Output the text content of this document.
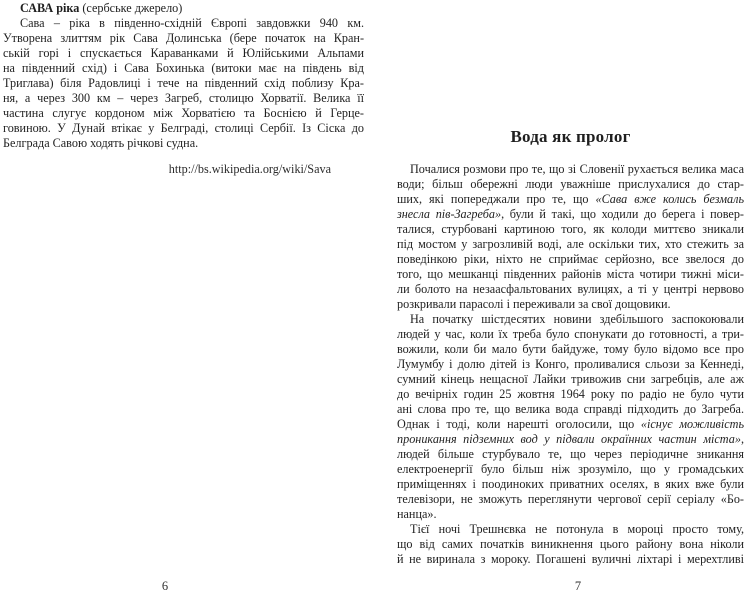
САВА ріка (сербське джерело)
Сава – ріка в південно-східній Європі завдовжки 940 км.
Утворена злиттям рік Сава Долинська (бере початок на Кран-
ській горі і спускається Караванками й Юлійськими Альпами
на південний схід) і Сава Бохинька (витоки має на південь від
Триглава) біля Радовлиці і тече на південний схід поблизу Кра-
ня, а через 300 км – через Загреб, столицю Хорватії. Велика її
частина слугує кордоном між Хорватією та Боснією й Герце-
говиною. У Дунай втікає у Белграді, столиці Сербії. Із Сіска до
Белграда Савою ходять річкові судна.
http://bs.wikipedia.org/wiki/Sava
Вода як пролог
Почалися розмови про те, що зі Словенії рухається велика маса
води; більш обережні люди уважніше прислухалися до стар-
ших, які попереджали про те, що «Сава вже колись безмаль
знесла пів-Загреба», були й такі, що ходили до берега і повер-
талися, стурбовані картиною того, як колоди миттєво зникали
під мостом у загрозливій воді, але оскільки тих, хто стежить за
поведінкою ріки, ніхто не сприймає серйозно, все звелося до
того, що мешканці південних районів міста чотири тижні міси-
ли болото на незаасфальтованих вулицях, а ті у центрі нервово
розкривали парасолі і переживали за свої дощовики.
На початку шістдесятих новини здебільшого заспокоювали
людей у час, коли їх треба було спонукати до готовності, а три-
вожили, коли би мало бути байдуже, тому було відомо все про
Лумумбу і долю дітей із Конго, проливалися сльози за Кеннеді,
сумний кінець нещасної Лайки тривожив сни загребців, але аж
до вечірніх годин 25 жовтня 1964 року по радіо не було чути
ані слова про те, що велика вода справді підходить до Загреба.
Однак і тоді, коли нарешті оголосили, що «існує можливість
проникання підземних вод у підвали окраїнних частин міста»,
людей більше стурбувало те, що через періодичне зникання
електроенергії було більш ніж зрозуміло, що у громадських
приміщеннях і поодиноких приватних оселях, в яких вже були
телевізори, не зможуть переглянути чергової серії серіалу «Бо-
нанца».
Тієї ночі Трешнєвка не потонула в мороці просто тому,
що від самих початків виникнення цього району вона ніколи
й не виринала з мороку. Погашені вуличні ліхтарі і мерехтливі
6	7
